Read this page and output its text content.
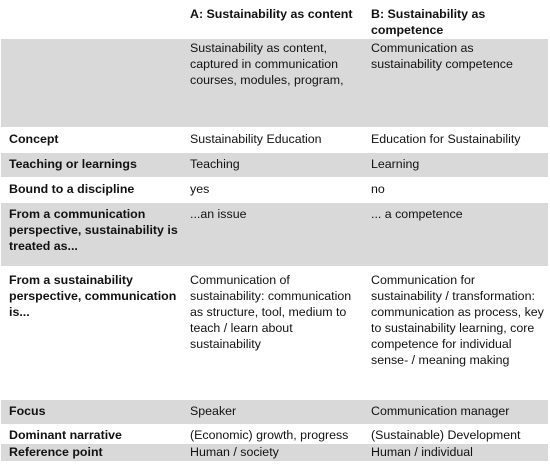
	A: Sustainability as content	B: Sustainability as competence
	Sustainability as content, captured in communication courses, modules, program,	Communication as sustainability competence
Concept	Sustainability Education	Education for Sustainability
Teaching or learnings	Teaching	Learning
Bound to a discipline	yes	no
From a communication perspective, sustainability is treated as...	...an issue	... a competence
From a sustainability perspective, communication is...	Communication of sustainability: communication as structure, tool, medium to teach / learn about sustainability	Communication for sustainability / transformation: communication as process, key to sustainability learning, core competence for individual sense- / meaning making
Focus	Speaker	Communication manager
Dominant narrative	(Economic) growth, progress	(Sustainable) Development
Reference point	Human / society	Human / individual
